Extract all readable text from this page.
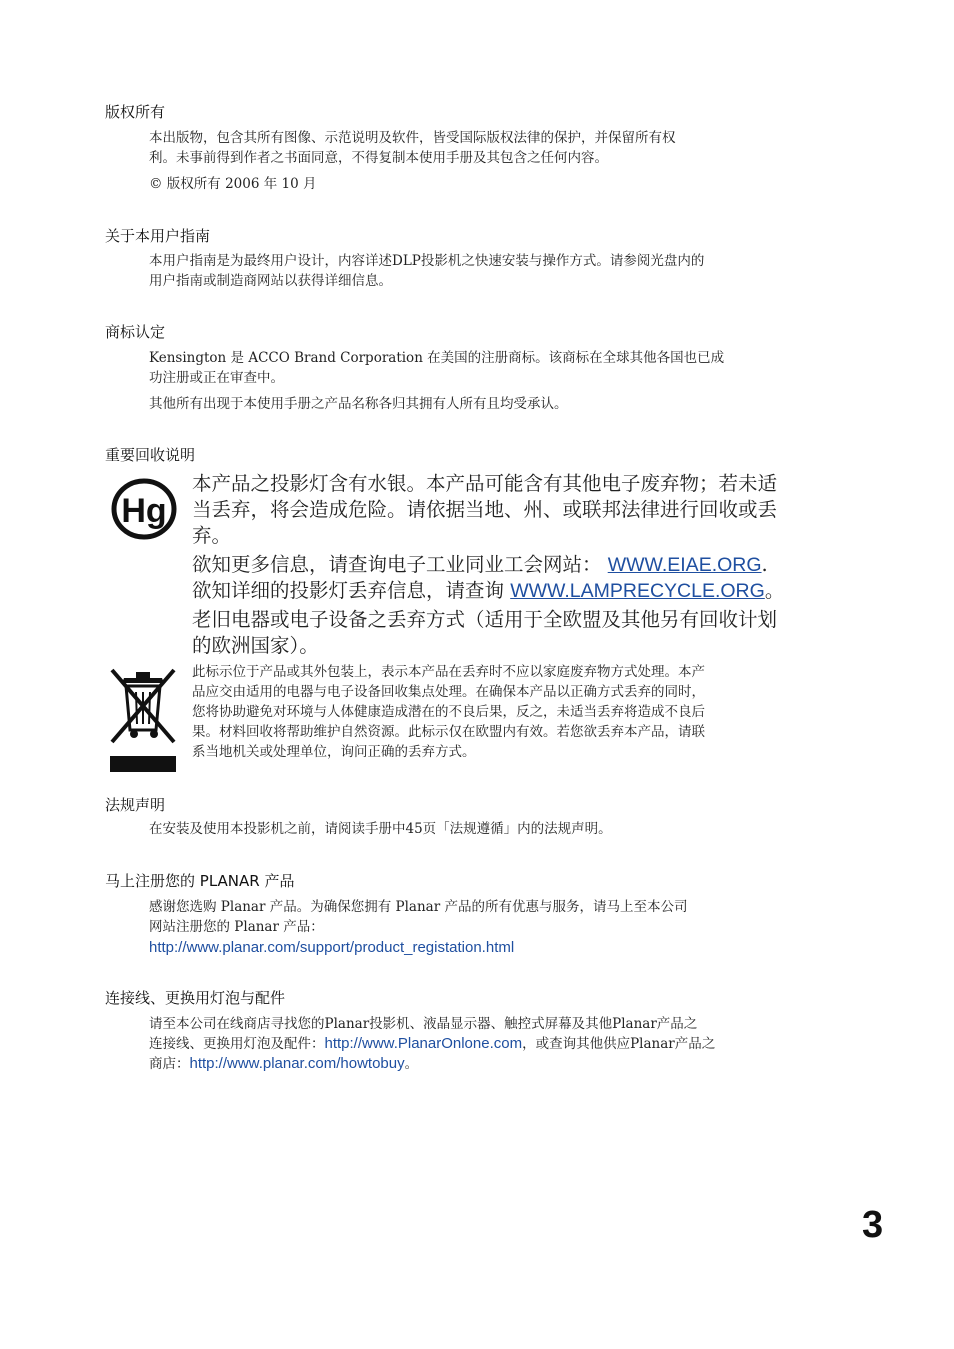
版权所有
本出版物，包含其所有图像、示范说明及软件，皆受国际版权法律的保护，并保留所有权
利。未事前得到作者之书面同意，不得复制本使用手册及其包含之任何内容。
© 版权所有 2006 年 10 月
关于本用户指南
本用户指南是为最终用户设计，内容详述DLP投影机之快速安装与操作方式。请参阅光盘内的
用户指南或制造商网站以获得详细信息。
商标认定
Kensington 是 ACCO Brand Corporation 在美国的注册商标。该商标在全球其他各国也已成
功注册或正在审查中。
其他所有出现于本使用手册之产品名称各归其拥有人所有且均受承认。
重要回收说明
Hg
本产品之投影灯含有水银。本产品可能含有其他电子废弃物；若未适
当丢弃，将会造成危险。请依据当地、州、或联邦法律进行回收或丢
弃。
欲知更多信息，请查询电子工业同业工会网站： WWW.EIAE.ORG.
欲知详细的投影灯丢弃信息，请查询 WWW.LAMPRECYCLE.ORG。
老旧电器或电子设备之丢弃方式（适用于全欧盟及其他另有回收计划
的欧洲国家）。
此标示位于产品或其外包装上，表示本产品在丢弃时不应以家庭废弃物方式处理。本产
品应交由适用的电器与电子设备回收集点处理。在确保本产品以正确方式丢弃的同时，
您将协助避免对环境与人体健康造成潜在的不良后果，反之，未适当丢弃将造成不良后
果。材料回收将帮助维护自然资源。此标示仅在欧盟内有效。若您欲丢弃本产品，请联
系当地机关或处理单位，询问正确的丢弃方式。
法规声明
在安装及使用本投影机之前，请阅读手册中45页「法规遵循」内的法规声明。
马上注册您的 PLANAR 产品
感谢您选购 Planar 产品。为确保您拥有 Planar 产品的所有优惠与服务，请马上至本公司
网站注册您的 Planar 产品：
http://www.planar.com/support/product_registation.html
连接线、更换用灯泡与配件
请至本公司在线商店寻找您的Planar投影机、液晶显示器、触控式屏幕及其他Planar产品之
连接线、更换用灯泡及配件：http://www.PlanarOnlone.com，或查询其他供应Planar产品之
商店：http://www.planar.com/howtobuy。
3
